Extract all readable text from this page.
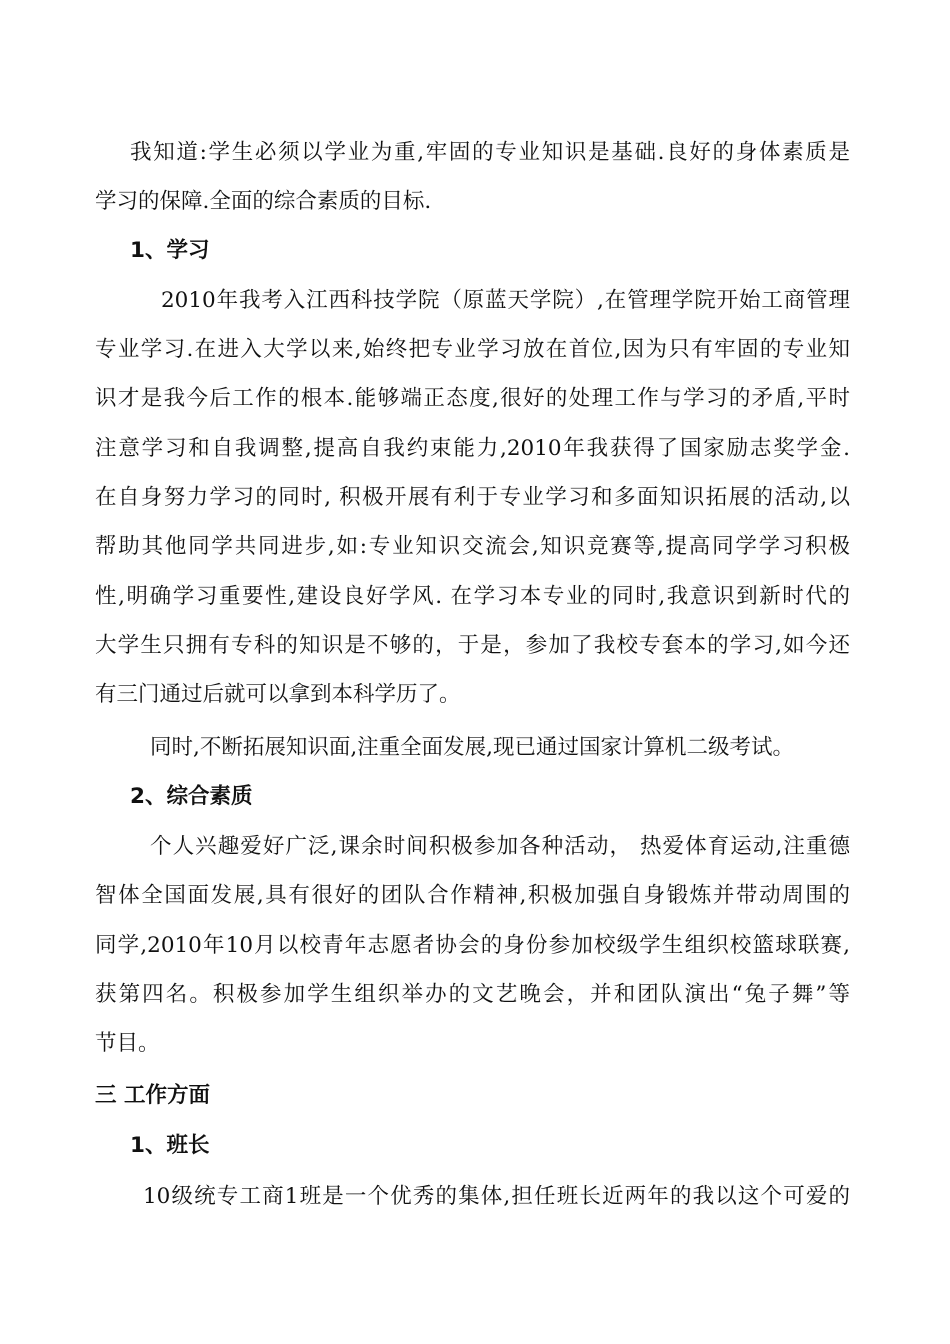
我知道:学生必须以学业为重,牢固的专业知识是基础.良好的身体素质是
学习的保障.全面的综合素质的目标.
1、学习
2010年我考入江西科技学院（原蓝天学院）,在管理学院开始工商管理
专业学习.在进入大学以来,始终把专业学习放在首位,因为只有牢固的专业知
识才是我今后工作的根本.能够端正态度,很好的处理工作与学习的矛盾,平时
注意学习和自我调整,提高自我约束能力,2010年我获得了国家励志奖学金.
在自身努力学习的同时, 积极开展有利于专业学习和多面知识拓展的活动,以
帮助其他同学共同进步,如:专业知识交流会,知识竞赛等,提高同学学习积极
性,明确学习重要性,建设良好学风. 在学习本专业的同时,我意识到新时代的
大学生只拥有专科的知识是不够的，于是，参加了我校专套本的学习,如今还
有三门通过后就可以拿到本科学历了。
同时,不断拓展知识面,注重全面发展,现已通过国家计算机二级考试。
2、综合素质
个人兴趣爱好广泛,课余时间积极参加各种活动， 热爱体育运动,注重德
智体全国面发展,具有很好的团队合作精神,积极加强自身锻炼并带动周围的
同学,2010年10月以校青年志愿者协会的身份参加校级学生组织校篮球联赛,
获第四名。积极参加学生组织举办的文艺晚会，并和团队演出“兔子舞”等
节目。
三 工作方面
1、班长
10级统专工商1班是一个优秀的集体,担任班长近两年的我以这个可爱的
